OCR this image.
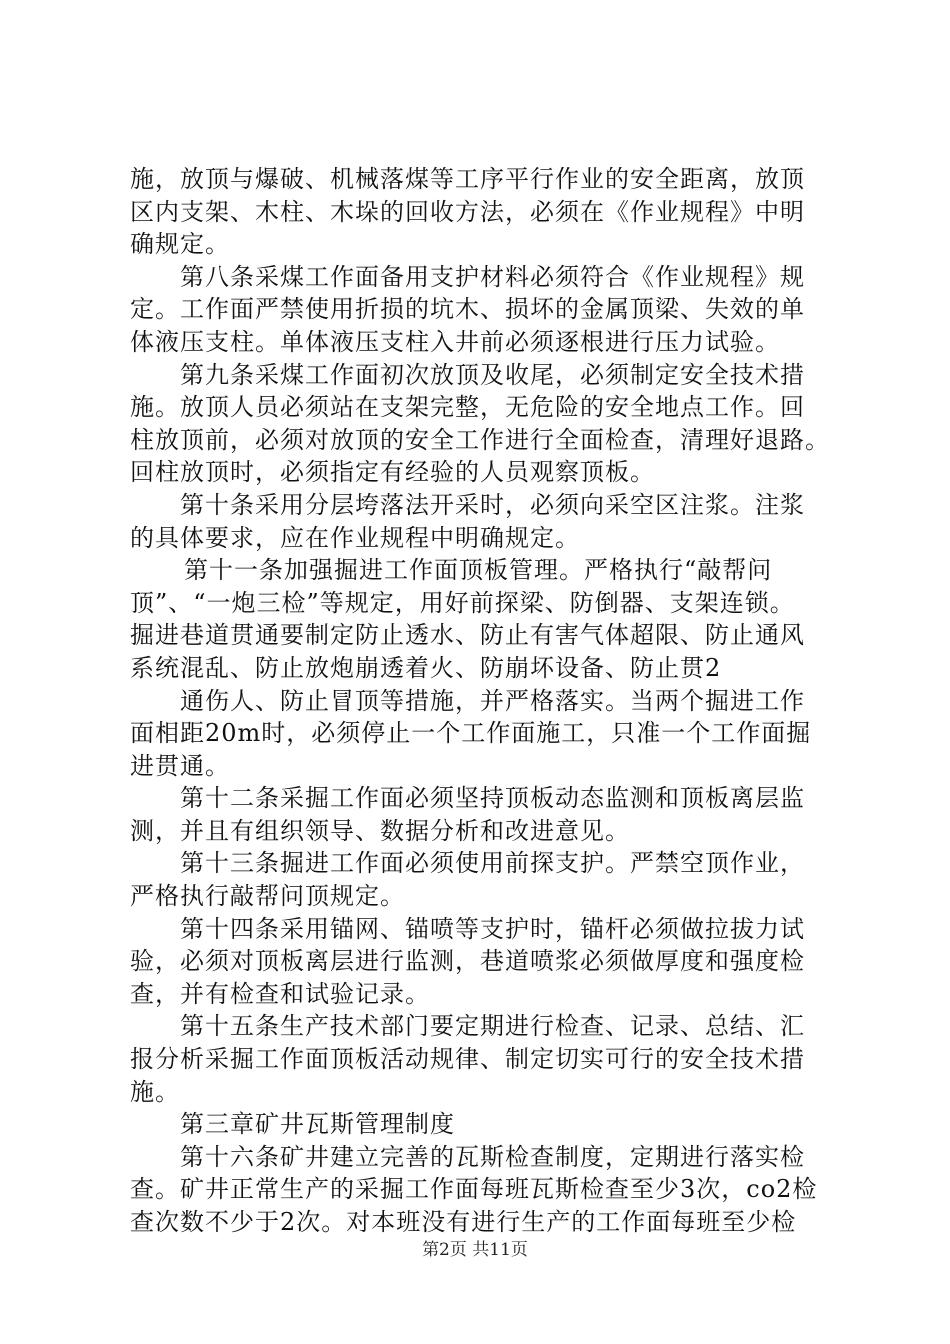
施，放顶与爆破、机械落煤等工序平行作业的安全距离，放顶
区内支架、木柱、木垛的回收方法，必须在《作业规程》中明
确规定。
第八条采煤工作面备用支护材料必须符合《作业规程》规
定。工作面严禁使用折损的坑木、损坏的金属顶梁、失效的单
体液压支柱。单体液压支柱入井前必须逐根进行压力试验。
第九条采煤工作面初次放顶及收尾，必须制定安全技术措
施。放顶人员必须站在支架完整，无危险的安全地点工作。回
柱放顶前，必须对放顶的安全工作进行全面检查，清理好退路。
回柱放顶时，必须指定有经验的人员观察顶板。
第十条采用分层垮落法开采时，必须向采空区注浆。注浆
的具体要求，应在作业规程中明确规定。
第十一条加强掘进工作面顶板管理。严格执行“敲帮问
顶”、“一炮三检”等规定，用好前探梁、防倒器、支架连锁。
掘进巷道贯通要制定防止透水、防止有害气体超限、防止通风
系统混乱、防止放炮崩透着火、防崩坏设备、防止贯2
通伤人、防止冒顶等措施，并严格落实。当两个掘进工作
面相距20m时，必须停止一个工作面施工，只准一个工作面掘
进贯通。
第十二条采掘工作面必须坚持顶板动态监测和顶板离层监
测，并且有组织领导、数据分析和改进意见。
第十三条掘进工作面必须使用前探支护。严禁空顶作业，
严格执行敲帮问顶规定。
第十四条采用锚网、锚喷等支护时，锚杆必须做拉拔力试
验，必须对顶板离层进行监测，巷道喷浆必须做厚度和强度检
查，并有检查和试验记录。
第十五条生产技术部门要定期进行检查、记录、总结、汇
报分析采掘工作面顶板活动规律、制定切实可行的安全技术措
施。
第三章矿井瓦斯管理制度
第十六条矿井建立完善的瓦斯检查制度，定期进行落实检
查。矿井正常生产的采掘工作面每班瓦斯检查至少3次，co2检
查次数不少于2次。对本班没有进行生产的工作面每班至少检
第2页 共11页
